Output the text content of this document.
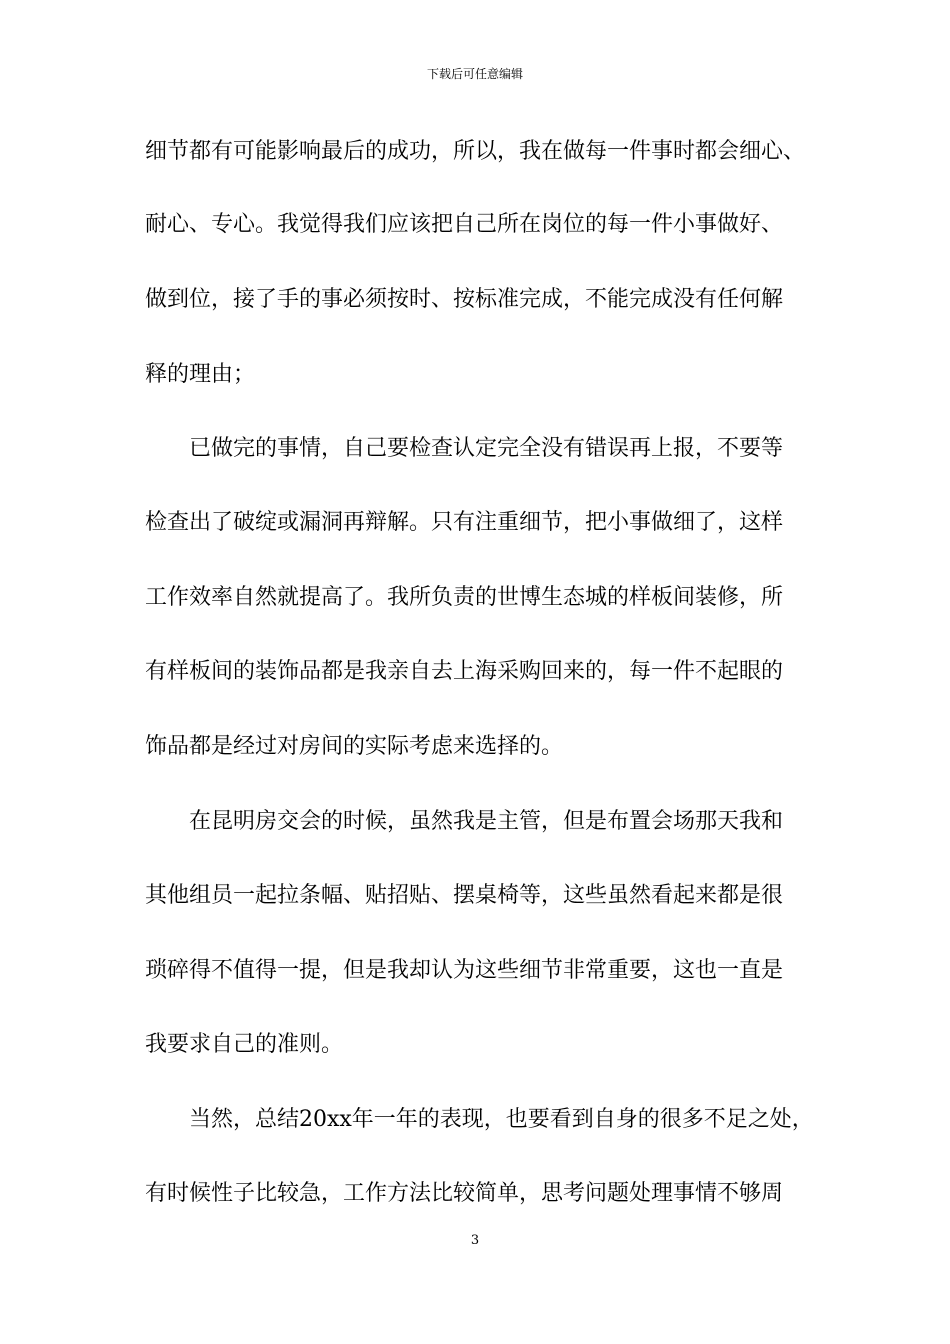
下载后可任意编辑
细节都有可能影响最后的成功，所以，我在做每一件事时都会细心、
耐心、专心。我觉得我们应该把自己所在岗位的每一件小事做好、
做到位，接了手的事必须按时、按标准完成，不能完成没有任何解
释的理由；
已做完的事情，自己要检查认定完全没有错误再上报，不要等
检查出了破绽或漏洞再辩解。只有注重细节，把小事做细了，这样
工作效率自然就提高了。我所负责的世博生态城的样板间装修，所
有样板间的装饰品都是我亲自去上海采购回来的，每一件不起眼的
饰品都是经过对房间的实际考虑来选择的。
在昆明房交会的时候，虽然我是主管，但是布置会场那天我和
其他组员一起拉条幅、贴招贴、摆桌椅等，这些虽然看起来都是很
琐碎得不值得一提，但是我却认为这些细节非常重要，这也一直是
我要求自己的准则。
当然，总结20xx年一年的表现，也要看到自身的很多不足之处，
有时候性子比较急，工作方法比较简单，思考问题处理事情不够周
3
